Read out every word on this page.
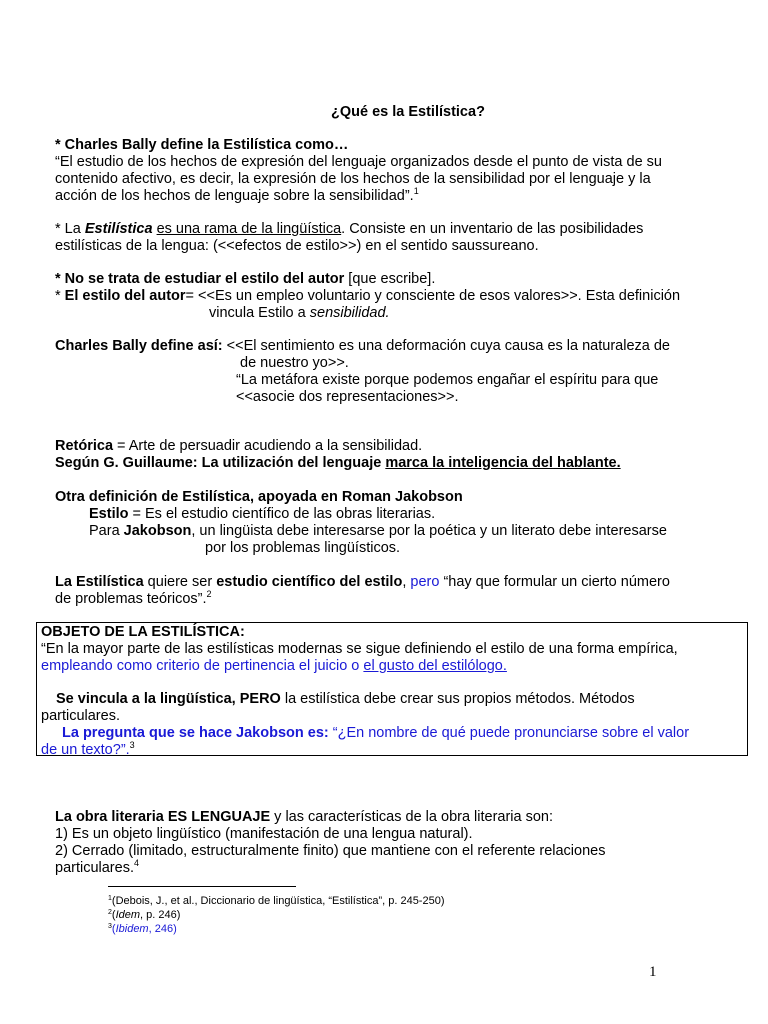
¿Qué es la Estilística?
* Charles Bally define la Estilística como…
“El estudio de los hechos de expresión del lenguaje organizados desde el punto de vista de su
contenido afectivo, es decir, la expresión de los hechos de la sensibilidad por el lenguaje y la
acción de los hechos de lenguaje sobre la sensibilidad”.$^1$
* La Estilística es una rama de la lingüística. Consiste en un inventario de las posibilidades
estilísticas de la lengua: (<<efectos de estilo>>) en el sentido saussureano.
* No se trata de estudiar el estilo del autor [que escribe].
* El estilo del autor= <<Es un empleo voluntario y consciente de esos valores>>. Esta definición
vincula Estilo a sensibilidad.
Charles Bally define así: <<El sentimiento es una deformación cuya causa es la naturaleza de
de nuestro yo>>.
“La metáfora existe porque podemos engañar el espíritu para que
<<asocie dos representaciones>>.
Retórica = Arte de persuadir acudiendo a la sensibilidad.
Según G. Guillaume: La utilización del lenguaje marca la inteligencia del hablante.
Otra definición de Estilística, apoyada en Roman Jakobson
Estilo = Es el estudio científico de las obras literarias.
Para Jakobson, un lingüista debe interesarse por la poética y un literato debe interesarse
por los problemas lingüísticos.
La Estilística quiere ser estudio científico del estilo, pero “hay que formular un cierto número
de problemas teóricos”.$^2$
OBJETO DE LA ESTILÍSTICA:
“En la mayor parte de las estilísticas modernas se sigue definiendo el estilo de una forma empírica,
empleando como criterio de pertinencia el juicio o el gusto del estilólogo.
Se vincula a la lingüística, PERO la estilística debe crear sus propios métodos. Métodos
particulares.
La pregunta que se hace Jakobson es: “¿En nombre de qué puede pronunciarse sobre el valor
de un texto?”.$^3$
La obra literaria ES LENGUAJE y las características de la obra literaria son:
1) Es un objeto lingüístico (manifestación de una lengua natural).
2) Cerrado (limitado, estructuralmente finito) que mantiene con el referente relaciones
particulares.$^4$
$^1$(Debois, J., et al., Diccionario de lingüística, “Estilística”, p. 245-250)
$^2$(Idem, p. 246)
$^3$(Ibidem, 246)
1
